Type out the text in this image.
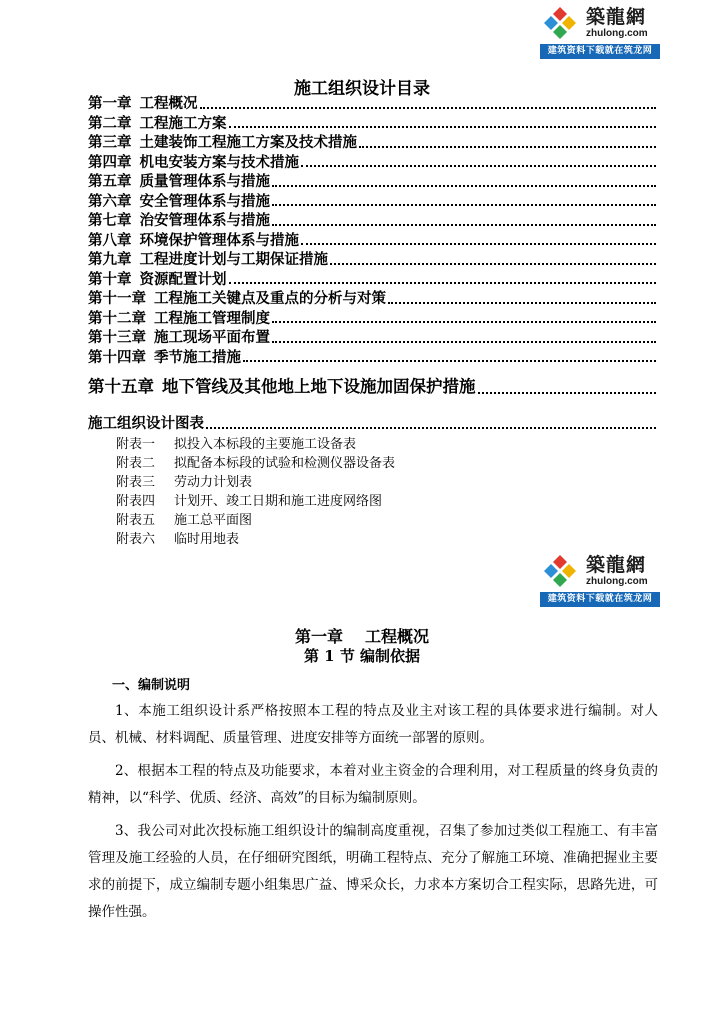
築龍網
zhulong.com
建筑资料下载就在筑龙网
施工组织设计目录
第一章 工程概况
第二章 工程施工方案
第三章 土建装饰工程施工方案及技术措施
第四章 机电安装方案与技术措施
第五章 质量管理体系与措施
第六章 安全管理体系与措施
第七章 治安管理体系与措施
第八章 环境保护管理体系与措施
第九章 工程进度计划与工期保证措施
第十章 资源配置计划
第十一章 工程施工关键点及重点的分析与对策
第十二章 工程施工管理制度
第十三章 施工现场平面布置
第十四章 季节施工措施
第十五章 地下管线及其他地上地下设施加固保护措施
施工组织设计图表
附表一 拟投入本标段的主要施工设备表
附表二 拟配备本标段的试验和检测仪器设备表
附表三 劳动力计划表
附表四 计划开、竣工日期和施工进度网络图
附表五 施工总平面图
附表六 临时用地表
築龍網
zhulong.com
建筑资料下载就在筑龙网
第一章 工程概况
第 1 节 编制依据
一、编制说明

1、本施工组织设计系严格按照本工程的特点及业主对该工程的具体要求进行编制。对人员、机械、材料调配、质量管理、进度安排等方面统一部署的原则。

2、根据本工程的特点及功能要求，本着对业主资金的合理利用，对工程质量的终身负责的精神，以“科学、优质、经济、高效”的目标为编制原则。

3、我公司对此次投标施工组织设计的编制高度重视，召集了参加过类似工程施工、有丰富管理及施工经验的人员，在仔细研究图纸，明确工程特点、充分了解施工环境、准确把握业主要求的前提下，成立编制专题小组集思广益、博采众长，力求本方案切合工程实际，思路先进，可操作性强。
